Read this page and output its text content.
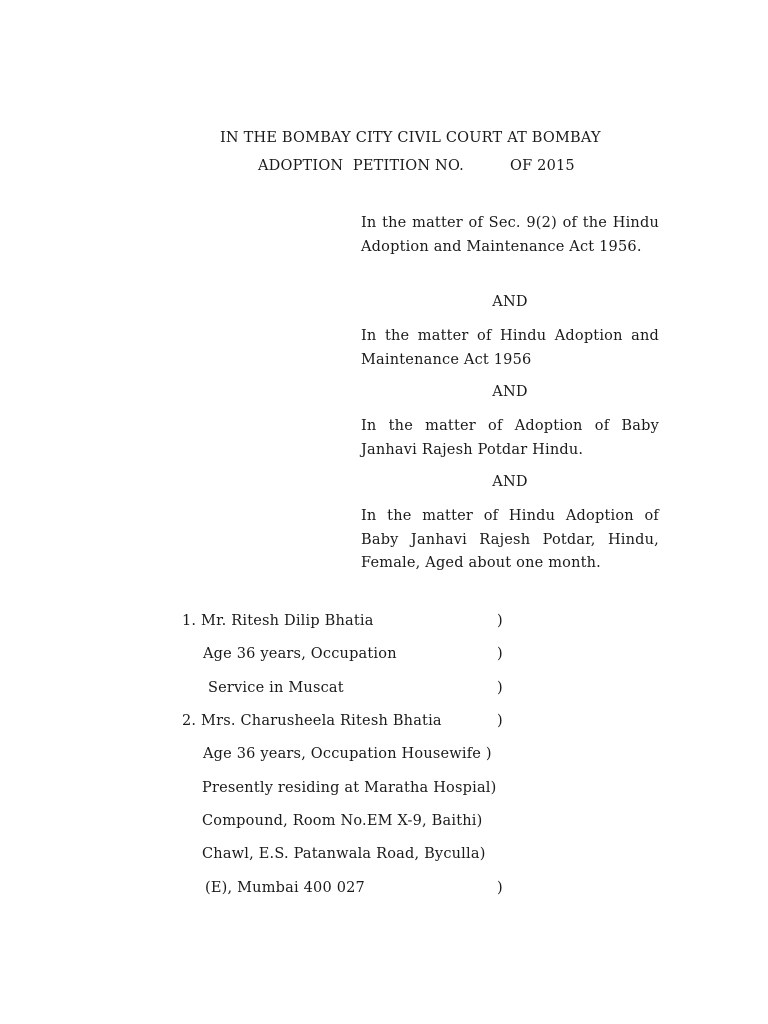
IN THE BOMBAY CITY CIVIL COURT AT BOMBAY
ADOPTION  PETITION NO.	OF 2015
In the matter of Sec. 9(2) of the Hindu Adoption and Maintenance Act 1956.
AND
In the matter of Hindu Adoption and Maintenance Act 1956
AND
In the matter of Adoption of Baby Janhavi Rajesh Potdar Hindu.
AND
In the matter of Hindu Adoption of Baby Janhavi Rajesh Potdar, Hindu, Female, Aged about one month.
1. Mr. Ritesh Dilip Bhatia	)
Age 36 years, Occupation	)
Service in Muscat	)
2. Mrs. Charusheela Ritesh Bhatia	)
Age 36 years, Occupation Housewife )
Presently residing at Maratha Hospial)
Compound, Room No.EM X-9, Baithi)
Chawl, E.S. Patanwala Road, Byculla)
(E), Mumbai 400 027	)
